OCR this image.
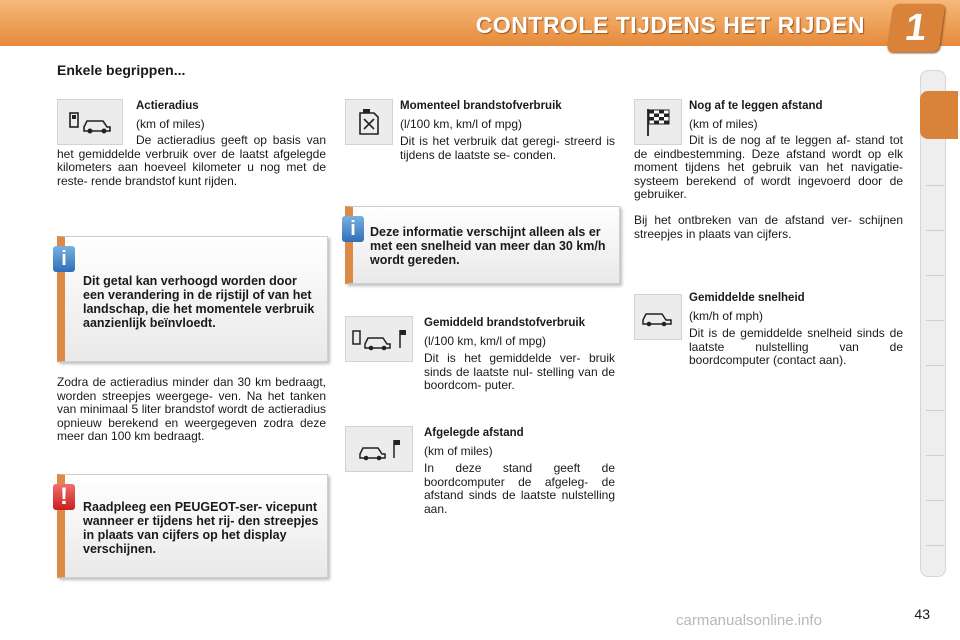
CONTROLE TIJDENS HET RIJDEN 1
Enkele begrippen...
Actieradius
(km of miles)
De actieradius geeft op basis van het gemiddelde verbruik over de laatst afgelegde kilometers aan hoeveel kilometer u nog met de reste- rende brandstof kunt rijden.
i
Dit getal kan verhoogd worden door een verandering in de rijstijl of van het landschap, die het momentele verbruik aanzienlijk beïnvloedt.
Zodra de actieradius minder dan 30 km bedraagt, worden streepjes weergege- ven. Na het tanken van minimaal 5 liter brandstof wordt de actieradius opnieuw berekend en weergegeven zodra deze meer dan 100 km bedraagt.
!	Raadpleeg een PEUGEOT-ser- vicepunt wanneer er tijdens het rij- den streepjes in plaats van cijfers op het display verschijnen.
Momenteel brandstofverbruik
(l/100 km, km/l of mpg)
Dit is het verbruik dat geregi- streerd is tijdens de laatste se- conden.
i	Deze informatie verschijnt alleen als er met een snelheid van meer dan 30 km/h wordt gereden.
Gemiddeld brandstofverbruik
(l/100 km, km/l of mpg)
Dit is het gemiddelde ver- bruik sinds de laatste nul- stelling van de boordcom- puter.
Afgelegde afstand
(km of miles)
In deze stand geeft de boordcomputer de afgeleg- de afstand sinds de laatste nulstelling aan.
Nog af te leggen afstand
(km of miles)
Dit is de nog af te leggen af- stand tot de eindbestemming. Deze afstand wordt op elk moment tijdens het gebruik van het navigatie- systeem berekend of wordt ingevoerd door de gebruiker.
Bij het ontbreken van de afstand ver- schijnen streepjes in plaats van cijfers.
Gemiddelde snelheid
(km/h of mph)
Dit is de gemiddelde snelheid sinds de laatste nulstelling van de boordcomputer (contact aan).
43
carmanualsonline.info
